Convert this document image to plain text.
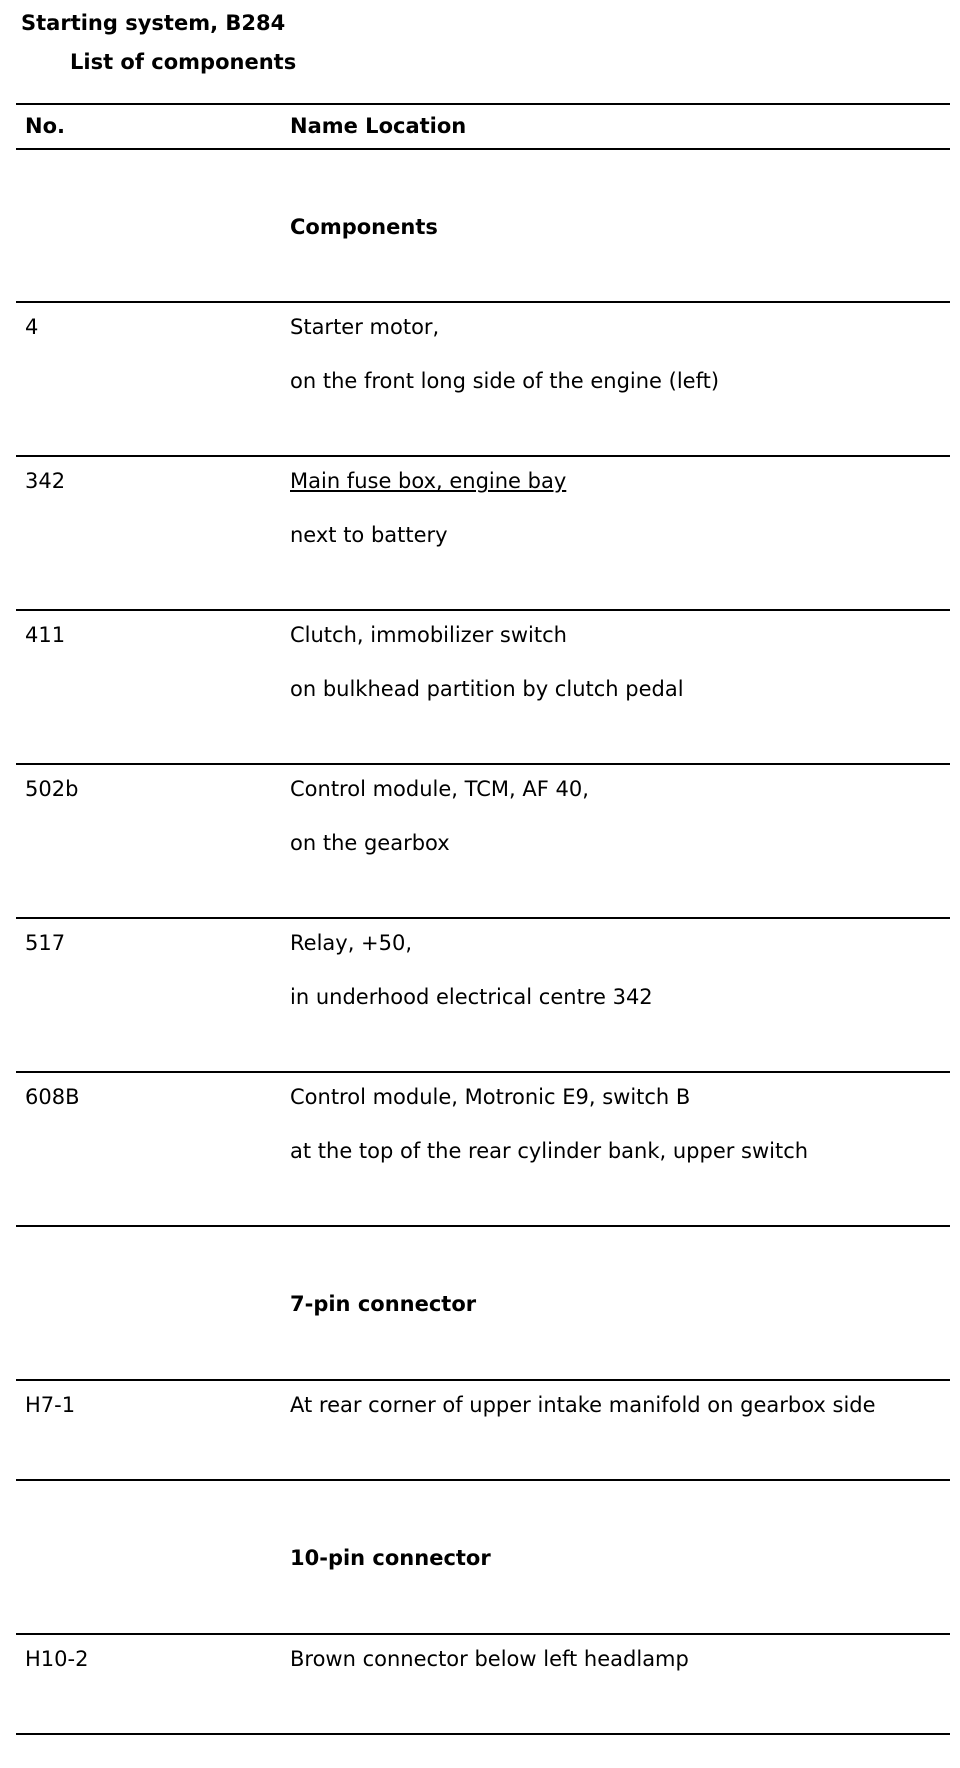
Starting system, B284
List of components
No.	Name Location
Components
4	Starter motor,
on the front long side of the engine (left)
342	Main fuse box, engine bay
next to battery
411	Clutch, immobilizer switch
on bulkhead partition by clutch pedal
502b	Control module, TCM, AF 40,
on the gearbox
517	Relay, +50,
in underhood electrical centre 342
608B	Control module, Motronic E9, switch B
at the top of the rear cylinder bank, upper switch
7-pin connector
H7-1	At rear corner of upper intake manifold on gearbox side
10-pin connector
H10-2	Brown connector below left headlamp
